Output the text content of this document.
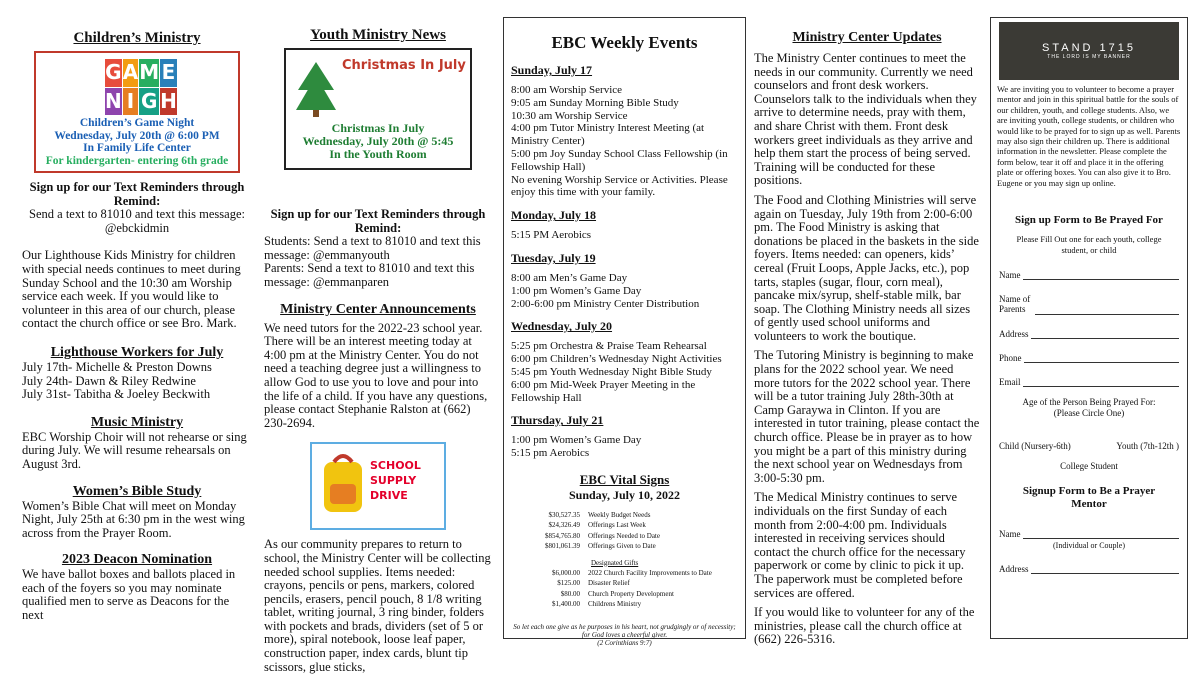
Children’s Ministry

G A M E
N I G H
Children’s Game Night
Wednesday, July 20th @ 6:00 PM
In Family Life Center
For kindergarten- entering 6th grade

Sign up for our Text Reminders through Remind:

Send a text to 81010 and text this message: @ebckidmin

Our Lighthouse Kids Ministry for children with special needs continues to meet during Sunday School and the 10:30 am Worship service each week. If you would like to volunteer in this area of our church, please contact the church office or see Bro. Mark.

Lighthouse Workers for July

July 17th- Michelle & Preston Downs

July 24th- Dawn & Riley Redwine

July 31st- Tabitha & Joeley Beckwith

Music Ministry

EBC Worship Choir will not rehearse or sing during July. We will resume rehearsals on August 3rd.

Women’s Bible Study

Women’s Bible Chat will meet on Monday Night, July 25th at 6:30 pm in the west wing across from the Prayer Room.

2023 Deacon Nomination

We have ballot boxes and ballots placed in each of the foyers so you may nominate qualified men to serve as Deacons for the next

Youth Ministry News

Christmas In July
Christmas In July
Wednesday, July 20th @ 5:45
In the Youth Room

Sign up for our Text Reminders through Remind:

Students: Send a text to 81010 and text this message: @emmanyouth

Parents: Send a text to 81010 and text this message: @emmanparen

Ministry Center Announcements

We need tutors for the 2022-23 school year. There will be an interest meeting today at 4:00 pm at the Ministry Center. You do not need a teaching degree just a willingness to allow God to use you to love and pour into the life of a child. If you have any questions, please contact Stephanie Ralston at (662) 230-2694.

SCHOOL SUPPLY DRIVE

As our community prepares to return to school, the Ministry Center will be collecting needed school supplies. Items needed: crayons, pencils or pens, markers, colored pencils, erasers, pencil pouch, 8 1/8 writing tablet, writing journal, 3 ring binder, folders with pockets and brads, dividers (set of 5 or more), spiral notebook, loose leaf paper, construction paper, index cards, blunt tip scissors, glue sticks,

EBC Weekly Events

Sunday, July 17

8:00 am Worship Service

9:05 am Sunday Morning Bible Study

10:30 am Worship Service

4:00 pm Tutor Ministry Interest Meeting (at Ministry Center)

5:00 pm Joy Sunday School Class Fellowship (in Fellowship Hall)

No evening Worship Service or Activities. Please enjoy this time with your family.

Monday, July 18

5:15 PM Aerobics

Tuesday, July 19

8:00 am Men’s Game Day

1:00 pm Women’s Game Day

2:00-6:00 pm Ministry Center Distribution

Wednesday, July 20

5:25 pm Orchestra & Praise Team Rehearsal

6:00 pm Children’s Wednesday Night Activities

5:45 pm Youth Wednesday Night Bible Study

6:00 pm Mid-Week Prayer Meeting in the Fellowship Hall

Thursday, July 21

1:00 pm Women’s Game Day

5:15 pm Aerobics

EBC Vital Signs

Sunday, July 10, 2022

$30,527.35	Weekly Budget Needs
$24,326.49	Offerings Last Week
$854,765.80	Offerings Needed to Date
$801,061.39	Offerings Given to Date

Designated Gifts

$6,000.00	2022 Church Facility Improvements to Date
$125.00	Disaster Relief
$80.00	Church Property Development
$1,400.00	Childrens Ministry

So let each one give as he purposes in his heart, not grudgingly or of necessity; for God loves a cheerful giver.

(2 Corinthians 9:7)

Ministry Center Updates

The Ministry Center continues to meet the needs in our community. Currently we need counselors and front desk workers. Counselors talk to the individuals when they arrive to determine needs, pray with them, and share Christ with them. Front desk workers greet individuals as they arrive and help them start the process of being served. Training will be conducted for these positions.

The Food and Clothing Ministries will serve again on Tuesday, July 19th from 2:00-6:00 pm. The Food Ministry is asking that donations be placed in the baskets in the side foyers. Items needed: can openers, kids’ cereal (Fruit Loops, Apple Jacks, etc.), pop tarts, staples (sugar, flour, corn meal), pancake mix/syrup, shelf-stable milk, bar soap. The Clothing Ministry needs all sizes of gently used school uniforms and volunteers to work the boutique.

The Tutoring Ministry is beginning to make plans for the 2022 school year. We need more tutors for the 2022 school year. There will be a tutor training July 28th-30th at Camp Garaywa in Clinton. If you are interested in tutor training, please contact the church office. Please be in prayer as to how you might be a part of this ministry during the next school year on Wednesdays from 3:00-5:30 pm.

The Medical Ministry continues to serve individuals on the first Sunday of each month from 2:00-4:00 pm. Individuals interested in receiving services should contact the church office for the necessary paperwork or come by clinic to pick it up. The paperwork must be completed before services are offered.

If you would like to volunteer for any of the ministries, please call the church office at (662) 226-5316.

STAND 1715
THE LORD IS MY BANNER

We are inviting you to volunteer to become a prayer mentor and join in this spiritual battle for the souls of our children, youth, and college students. Also, we are inviting youth, college students, or children who would like to be prayed for to sign up as well. Parents may also sign their children up. There is additional information in the newsletter. Please complete the form below, tear it off and place it in the offering plate or offering boxes. You can also give it to Bro. Eugene or you may sign up online.

Sign up Form to Be Prayed For

Please Fill Out one for each youth, college student, or child

Name
Name of Parents
Address
Phone
Email

Age of the Person Being Prayed For: (Please Circle One)

Child (Nursery-6th)	Youth (7th-12th )

College Student

Signup Form to Be a Prayer Mentor

Name

(Individual or Couple)

Address
